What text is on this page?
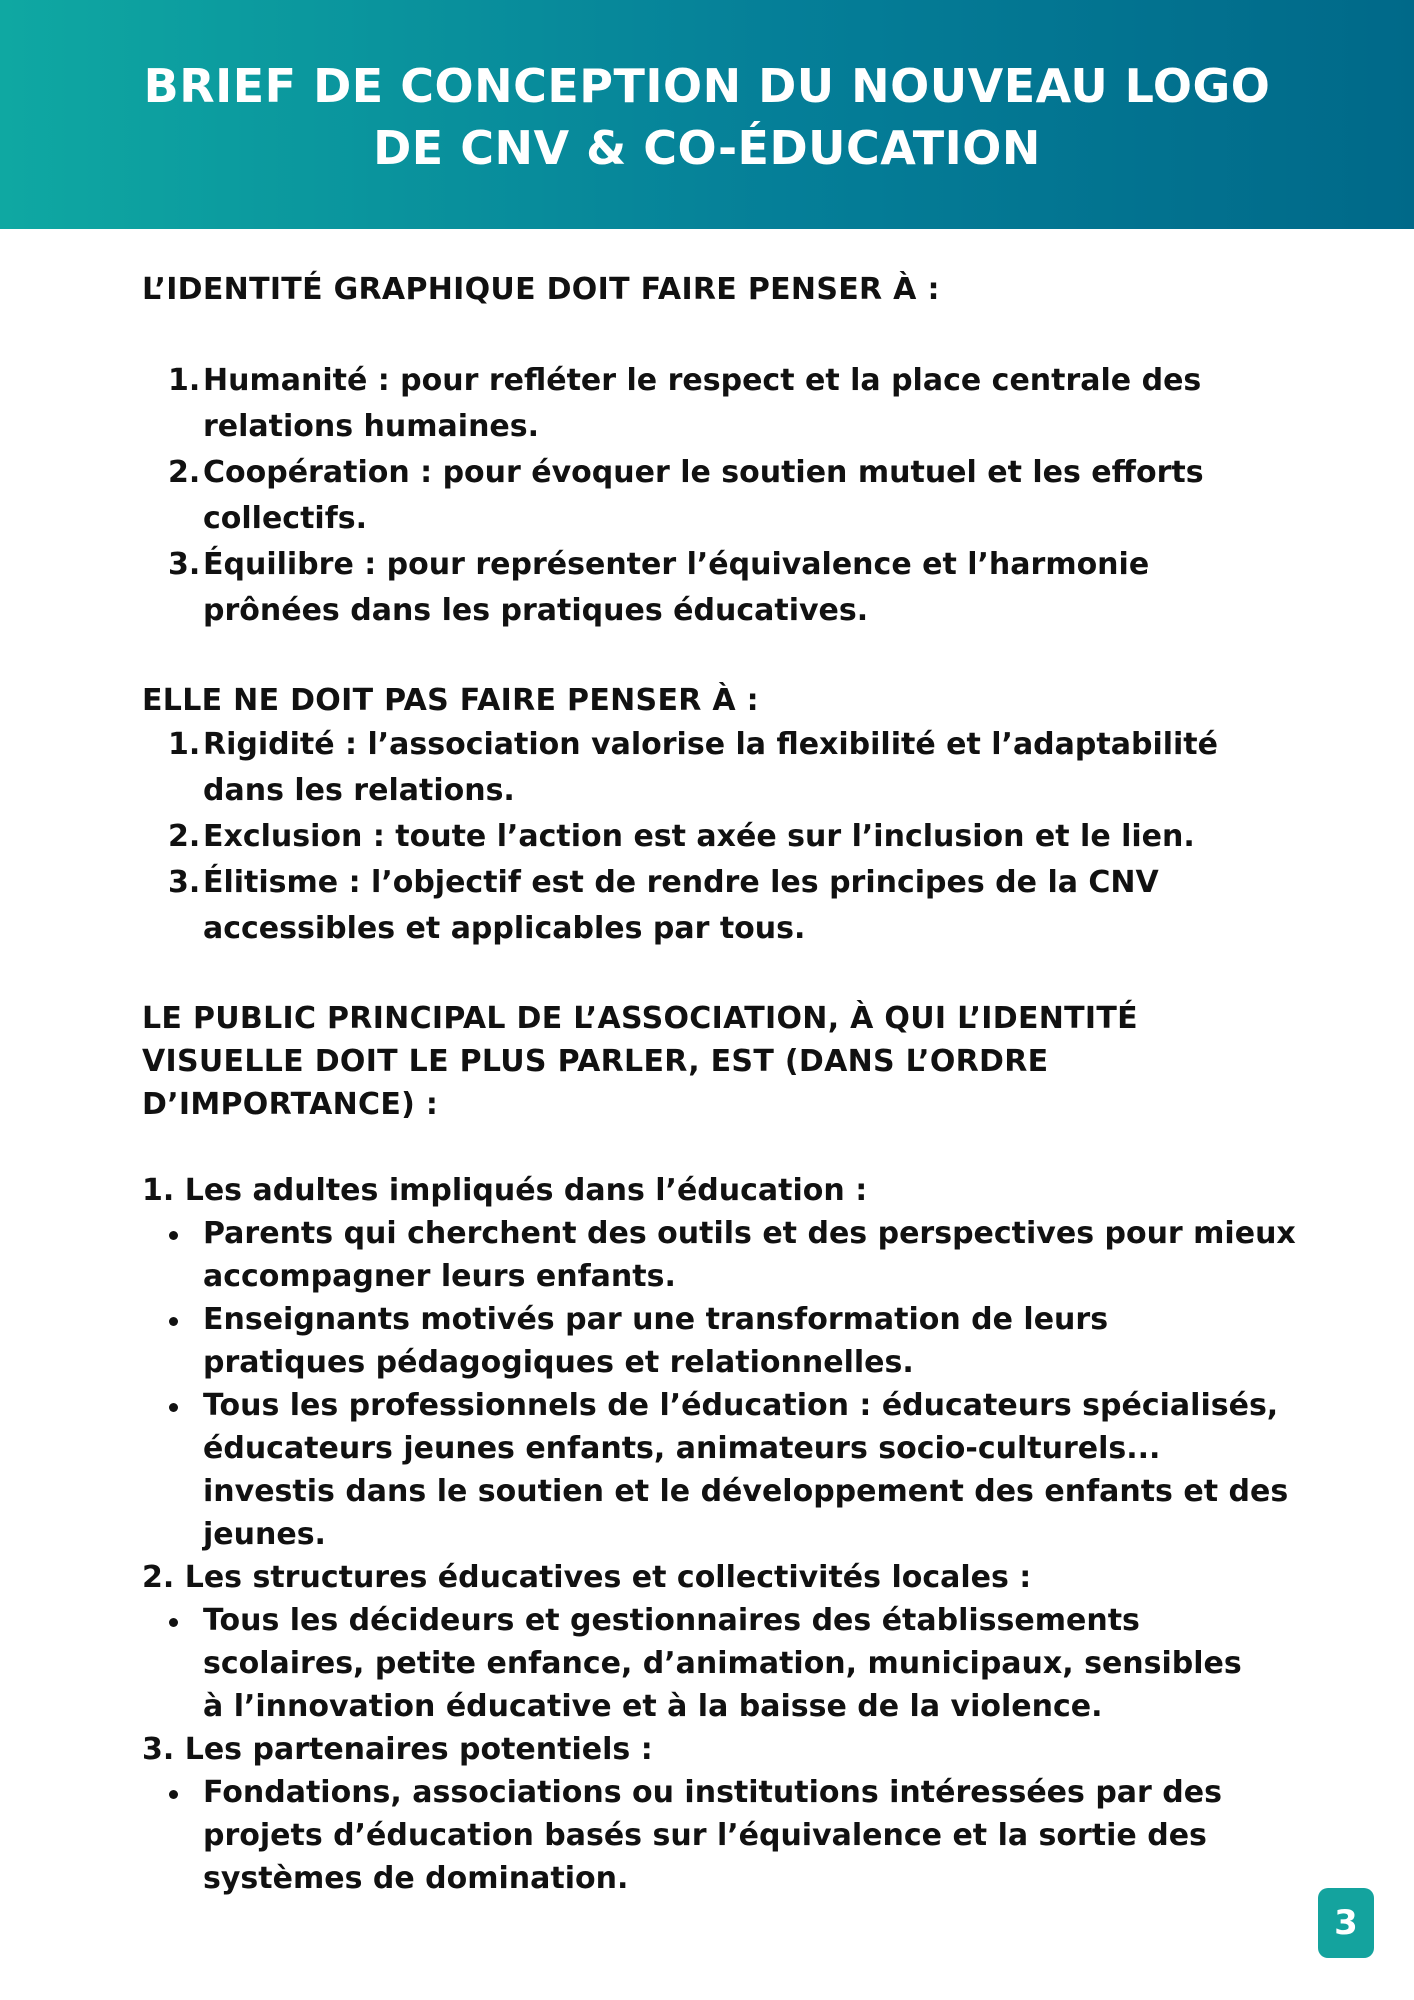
BRIEF DE CONCEPTION DU NOUVEAU LOGO
DE CNV & CO-ÉDUCATION
L’IDENTITÉ GRAPHIQUE DOIT FAIRE PENSER À :
1. Humanité : pour refléter le respect et la place centrale des relations humaines.
2. Coopération : pour évoquer le soutien mutuel et les efforts collectifs.
3. Équilibre : pour représenter l’équivalence et l’harmonie prônées dans les pratiques éducatives.
ELLE NE DOIT PAS FAIRE PENSER À :
1. Rigidité : l’association valorise la flexibilité et l’adaptabilité dans les relations.
2. Exclusion : toute l’action est axée sur l’inclusion et le lien.
3. Élitisme : l’objectif est de rendre les principes de la CNV accessibles et applicables par tous.
LE PUBLIC PRINCIPAL DE L’ASSOCIATION, À QUI L’IDENTITÉ VISUELLE DOIT LE PLUS PARLER, EST (DANS L’ORDRE D’IMPORTANCE) :
1. Les adultes impliqués dans l’éducation :
Parents qui cherchent des outils et des perspectives pour mieux accompagner leurs enfants.
Enseignants motivés par une transformation de leurs pratiques pédagogiques et relationnelles.
Tous les professionnels de l’éducation : éducateurs spécialisés, éducateurs jeunes enfants, animateurs socio-culturels... investis dans le soutien et le développement des enfants et des jeunes.
2. Les structures éducatives et collectivités locales :
Tous les décideurs et gestionnaires des établissements scolaires, petite enfance, d’animation, municipaux, sensibles à l’innovation éducative et à la baisse de la violence.
3. Les partenaires potentiels :
Fondations, associations ou institutions intéressées par des projets d’éducation basés sur l’équivalence et la sortie des systèmes de domination.
3
